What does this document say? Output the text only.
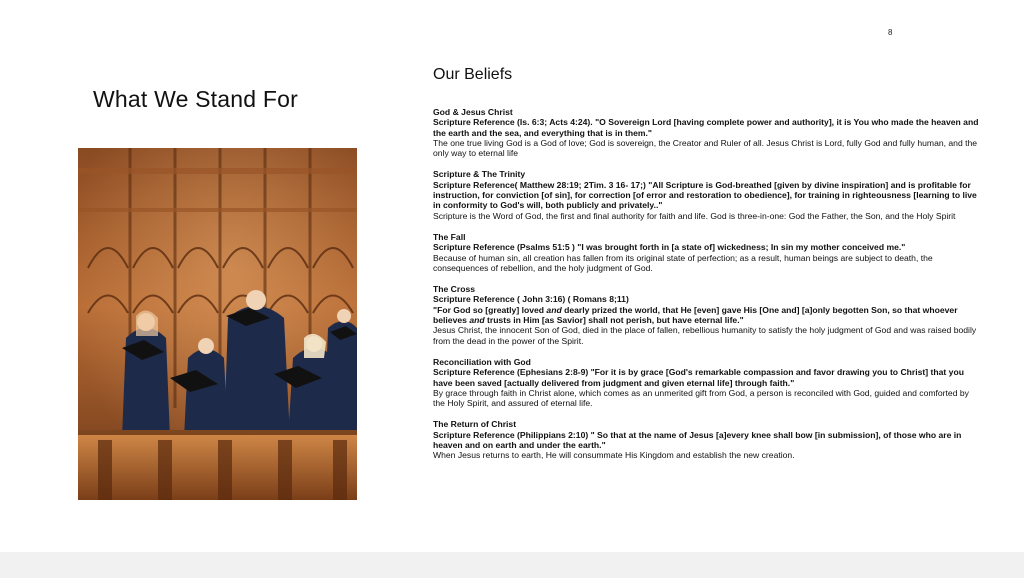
8
What We Stand For
Our Beliefs
God & Jesus Christ
Scripture Reference (Is. 6:3; Acts 4:24). "O Sovereign Lord [having complete power and authority], it is You who made the heaven and the earth and the sea, and everything that is in them."
The one true living God is a God of love; God is sovereign, the Creator and Ruler of all. Jesus Christ is Lord, fully God and fully human, and the only way to eternal life
Scripture & The Trinity
Scripture Reference( Matthew 28:19; 2Tim. 3 16- 17;) "All Scripture is God-breathed [given by divine inspiration] and is profitable for instruction, for conviction [of sin], for correction [of error and restoration to obedience], for training in righteousness [learning to live in conformity to God's will, both publicly and privately.."
Scripture is the Word of God, the first and final authority for faith and life. God is three-in-one: God the Father, the Son, and the Holy Spirit
The Fall
Scripture Reference (Psalms 51:5 ) "I was brought forth in [a state of] wickedness; In sin my mother conceived me."
Because of human sin, all creation has fallen from its original state of perfection; as a result, human beings are subject to death, the consequences of rebellion, and the holy judgment of God.
The Cross
Scripture Reference ( John 3:16) ( Romans 8;11)
"For God so [greatly] loved and dearly prized the world, that He [even] gave His [One and] [a]only begotten Son, so that whoever believes and trusts in Him [as Savior] shall not perish, but have eternal life."
Jesus Christ, the innocent Son of God, died in the place of fallen, rebellious humanity to satisfy the holy judgment of God and was raised bodily from the dead in the power of the Spirit.
Reconciliation with God
Scripture Reference (Ephesians 2:8-9) "For it is by grace [God's remarkable compassion and favor drawing you to Christ] that you have been saved [actually delivered from judgment and given eternal life] through faith."
By grace through faith in Christ alone, which comes as an unmerited gift from God, a person is reconciled with God, guided and comforted by the Holy Spirit, and assured of eternal life.
The Return of Christ
Scripture Reference (Philippians 2:10) " So that at the name of Jesus [a]every knee shall bow [in submission], of those who are in heaven and on earth and under the earth."
When Jesus returns to earth, He will consummate His Kingdom and establish the new creation.
